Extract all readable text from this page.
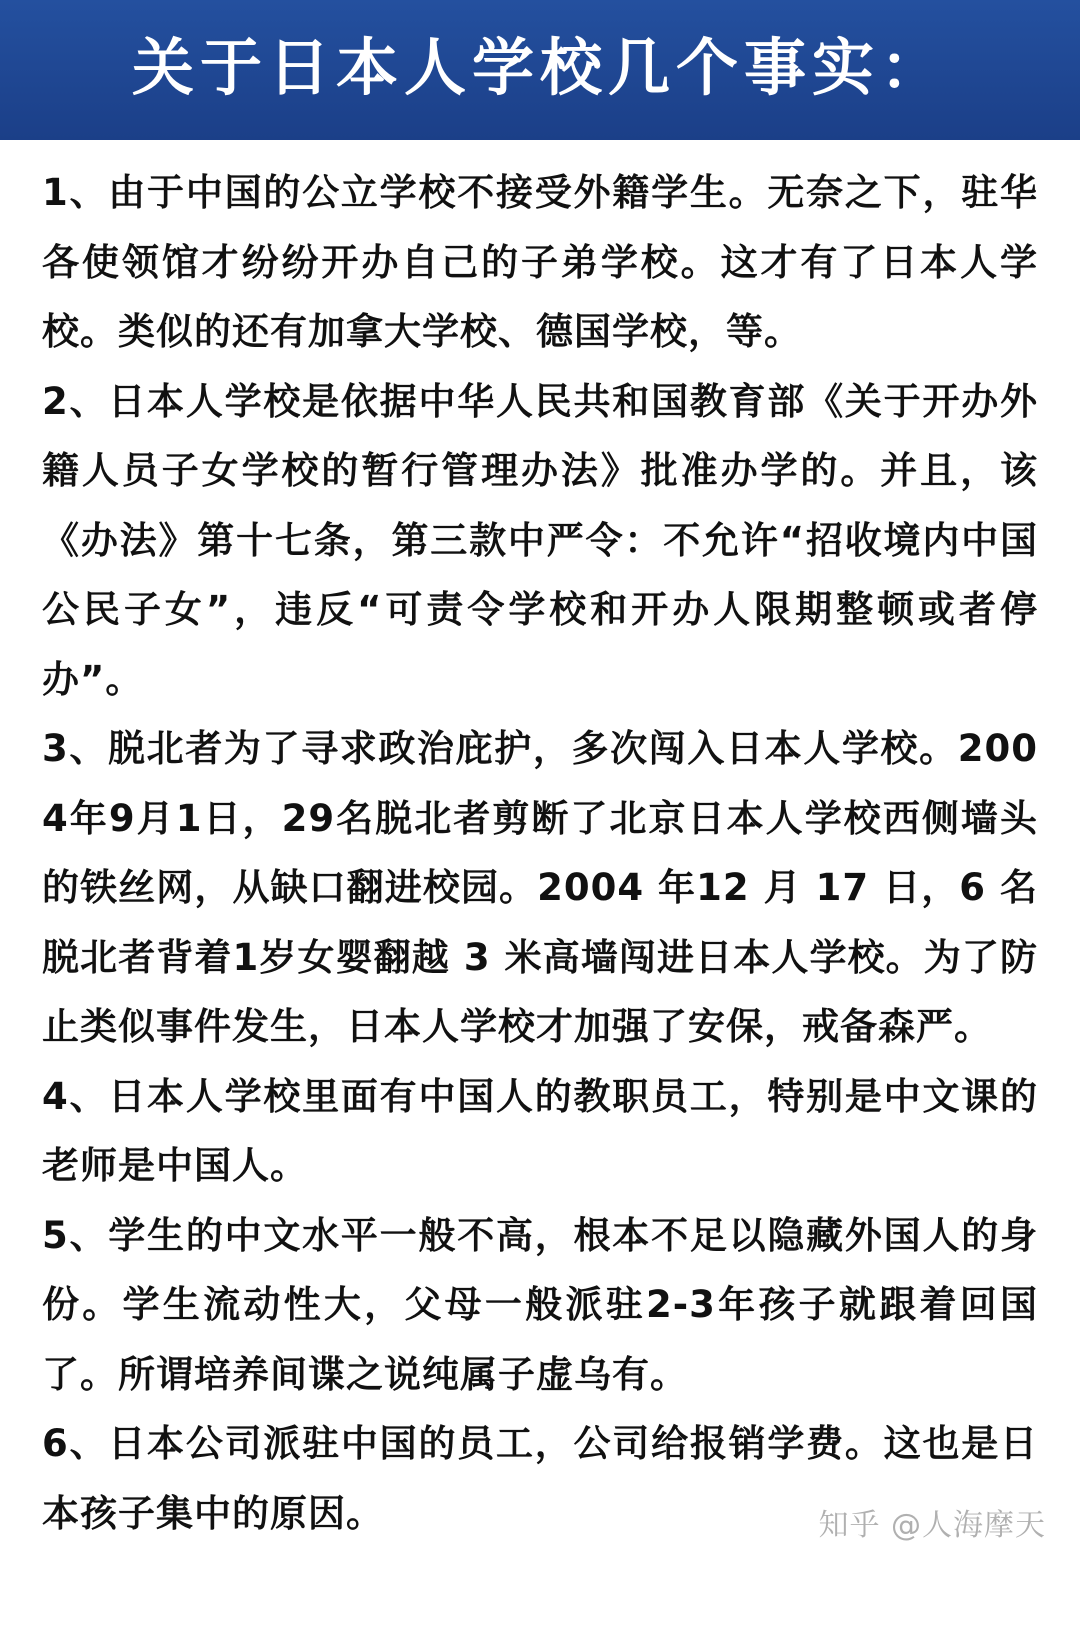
关于日本人学校几个事实：

1、由于中国的公立学校不接受外籍学生。无奈之下，驻华各使领馆才纷纷开办自己的子弟学校。这才有了日本人学校。类似的还有加拿大学校、德国学校，等。

2、日本人学校是依据中华人民共和国教育部《关于开办外籍人员子女学校的暂行管理办法》批准办学的。并且，该《办法》第十七条，第三款中严令：不允许“招收境内中国公民子女”，违反“可责令学校和开办人限期整顿或者停办”。

3、脱北者为了寻求政治庇护，多次闯入日本人学校。2004年9月1日，29名脱北者剪断了北京日本人学校西侧墙头的铁丝网，从缺口翻进校园。2004 年12 月 17 日，6 名脱北者背着1岁女婴翻越 3 米高墙闯进日本人学校。为了防止类似事件发生，日本人学校才加强了安保，戒备森严。

4、日本人学校里面有中国人的教职员工，特别是中文课的老师是中国人。

5、学生的中文水平一般不高，根本不足以隐藏外国人的身份。学生流动性大，父母一般派驻2-3年孩子就跟着回国了。所谓培养间谍之说纯属子虚乌有。

6、日本公司派驻中国的员工，公司给报销学费。这也是日本孩子集中的原因。	知乎 @人海摩天
